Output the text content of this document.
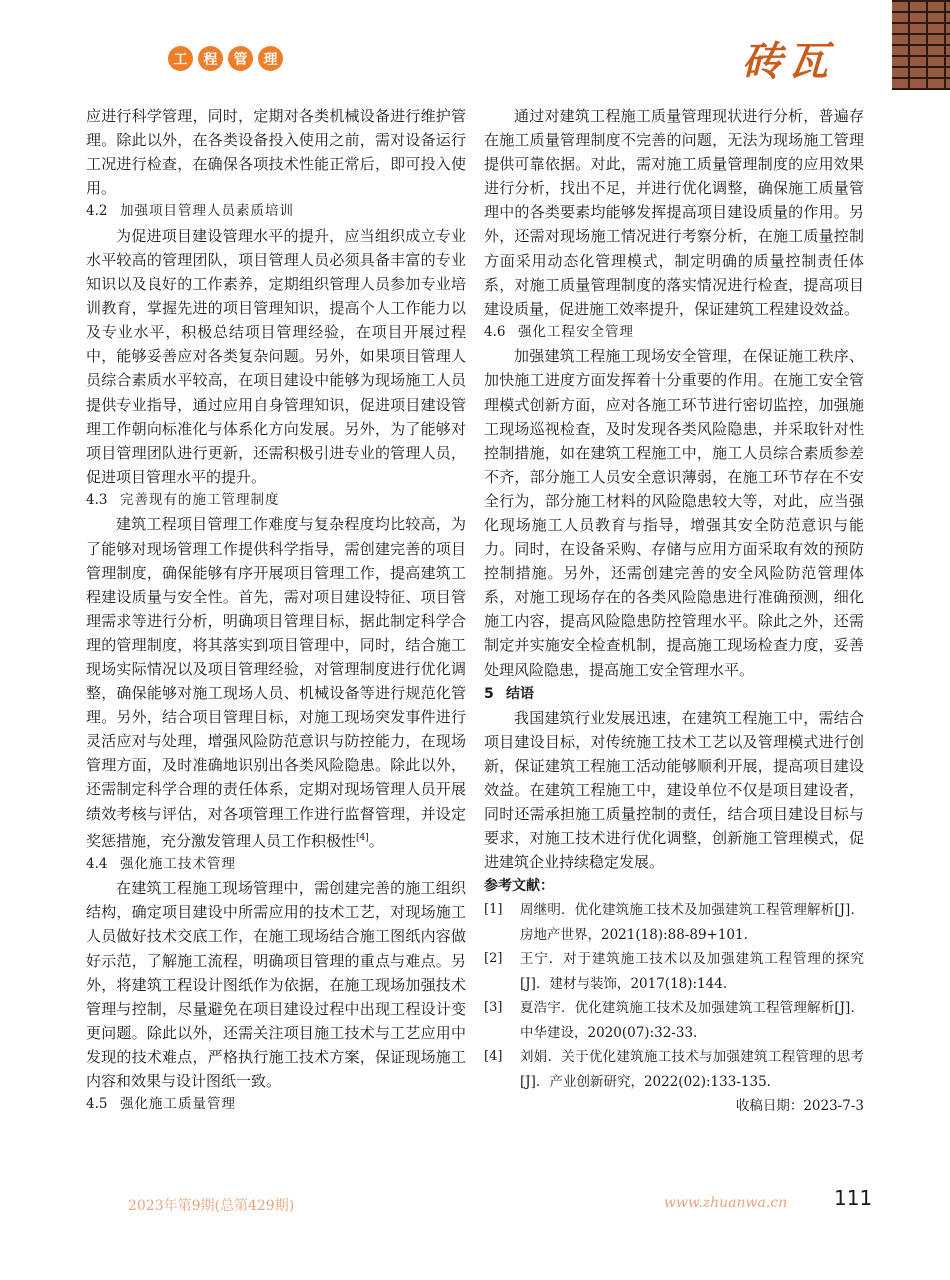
工	程	管	理	砖瓦

应进行科学管理，同时，定期对各类机械设备进行维护管理。除此以外，在各类设备投入使用之前，需对设备运行工况进行检查，在确保各项技术性能正常后，即可投入使用。

4.2 加强项目管理人员素质培训

为促进项目建设管理水平的提升，应当组织成立专业水平较高的管理团队，项目管理人员必须具备丰富的专业知识以及良好的工作素养，定期组织管理人员参加专业培训教育，掌握先进的项目管理知识，提高个人工作能力以及专业水平，积极总结项目管理经验，在项目开展过程中，能够妥善应对各类复杂问题。另外，如果项目管理人员综合素质水平较高，在项目建设中能够为现场施工人员提供专业指导，通过应用自身管理知识，促进项目建设管理工作朝向标准化与体系化方向发展。另外，为了能够对项目管理团队进行更新，还需积极引进专业的管理人员，促进项目管理水平的提升。

4.3 完善现有的施工管理制度

建筑工程项目管理工作难度与复杂程度均比较高，为了能够对现场管理工作提供科学指导，需创建完善的项目管理制度，确保能够有序开展项目管理工作，提高建筑工程建设质量与安全性。首先，需对项目建设特征、项目管理需求等进行分析，明确项目管理目标，据此制定科学合理的管理制度，将其落实到项目管理中，同时，结合施工现场实际情况以及项目管理经验，对管理制度进行优化调整，确保能够对施工现场人员、机械设备等进行规范化管理。另外，结合项目管理目标，对施工现场突发事件进行灵活应对与处理，增强风险防范意识与防控能力，在现场管理方面，及时准确地识别出各类风险隐患。除此以外，还需制定科学合理的责任体系，定期对现场管理人员开展绩效考核与评估，对各项管理工作进行监督管理，并设定奖惩措施，充分激发管理人员工作积极性[4]。

4.4 强化施工技术管理

在建筑工程施工现场管理中，需创建完善的施工组织结构，确定项目建设中所需应用的技术工艺，对现场施工人员做好技术交底工作，在施工现场结合施工图纸内容做好示范，了解施工流程，明确项目管理的重点与难点。另外，将建筑工程设计图纸作为依据，在施工现场加强技术管理与控制，尽量避免在项目建设过程中出现工程设计变更问题。除此以外，还需关注项目施工技术与工艺应用中发现的技术难点，严格执行施工技术方案，保证现场施工内容和效果与设计图纸一致。

4.5 强化施工质量管理

通过对建筑工程施工质量管理现状进行分析，普遍存在施工质量管理制度不完善的问题，无法为现场施工管理提供可靠依据。对此，需对施工质量管理制度的应用效果进行分析，找出不足，并进行优化调整，确保施工质量管理中的各类要素均能够发挥提高项目建设质量的作用。另外，还需对现场施工情况进行考察分析，在施工质量控制方面采用动态化管理模式，制定明确的质量控制责任体系，对施工质量管理制度的落实情况进行检查，提高项目建设质量，促进施工效率提升，保证建筑工程建设效益。

4.6 强化工程安全管理

加强建筑工程施工现场安全管理，在保证施工秩序、加快施工进度方面发挥着十分重要的作用。在施工安全管理模式创新方面，应对各施工环节进行密切监控，加强施工现场巡视检查，及时发现各类风险隐患，并采取针对性控制措施，如在建筑工程施工中，施工人员综合素质参差不齐，部分施工人员安全意识薄弱，在施工环节存在不安全行为，部分施工材料的风险隐患较大等，对此，应当强化现场施工人员教育与指导，增强其安全防范意识与能力。同时，在设备采购、存储与应用方面采取有效的预防控制措施。另外，还需创建完善的安全风险防范管理体系，对施工现场存在的各类风险隐患进行准确预测，细化施工内容，提高风险隐患防控管理水平。除此之外，还需制定并实施安全检查机制，提高施工现场检查力度，妥善处理风险隐患，提高施工安全管理水平。

5 结语

我国建筑行业发展迅速，在建筑工程施工中，需结合项目建设目标，对传统施工技术工艺以及管理模式进行创新，保证建筑工程施工活动能够顺利开展，提高项目建设效益。在建筑工程施工中，建设单位不仅是项目建设者，同时还需承担施工质量控制的责任，结合项目建设目标与要求，对施工技术进行优化调整，创新施工管理模式，促进建筑企业持续稳定发展。

参考文献：

[1]	周继明．优化建筑施工技术及加强建筑工程管理解析[J]．房地产世界，2021(18):88-89+101.
[2]	王宁．对于建筑施工技术以及加强建筑工程管理的探究[J]．建材与装饰，2017(18):144.
[3]	夏浩宇．优化建筑施工技术及加强建筑工程管理解析[J]．中华建设，2020(07):32-33.
[4]	刘娟．关于优化建筑施工技术与加强建筑工程管理的思考[J]．产业创新研究，2022(02):133-135.

收稿日期：2023-7-3

2023年第9期(总第429期)	www.zhuanwa.cn 111
